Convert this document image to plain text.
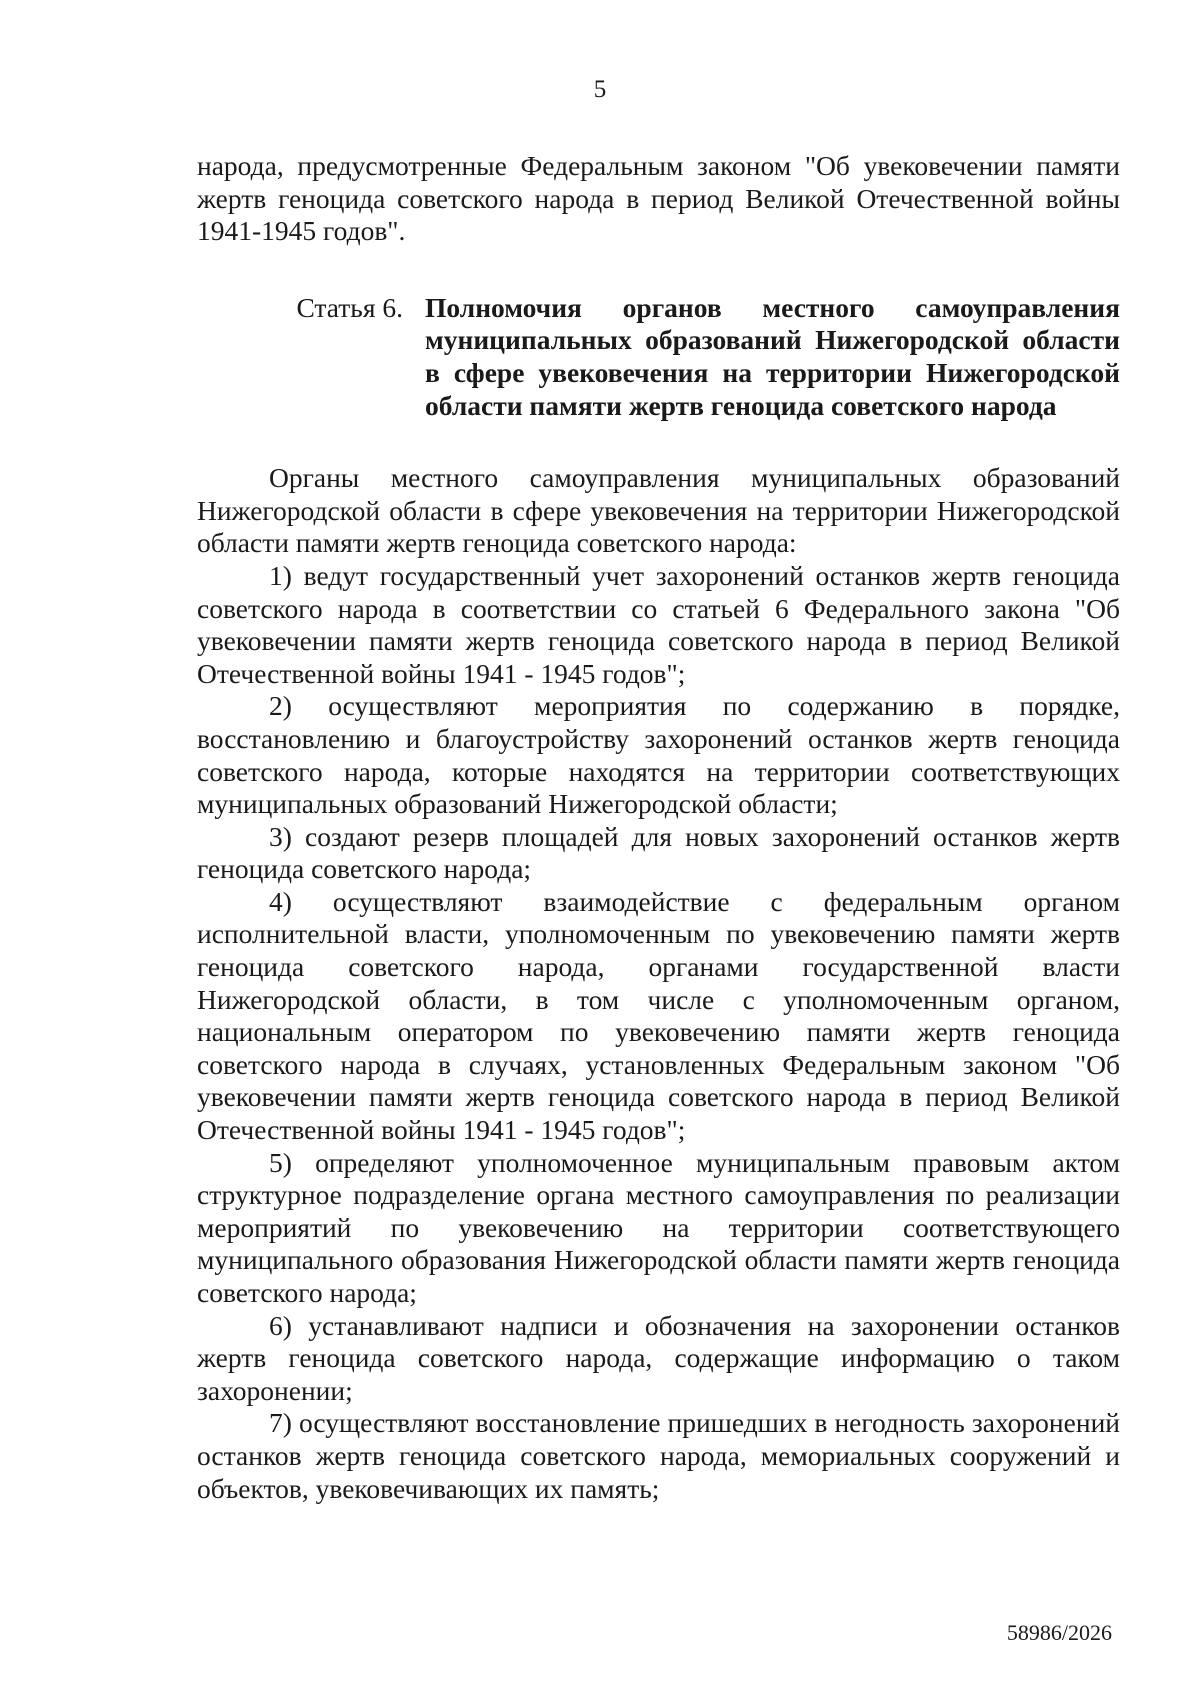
5

народа, предусмотренные Федеральным законом "Об увековечении памяти жертв геноцида советского народа в период Великой Отечественной войны 1941-1945 годов".

Статья 6. Полномочия органов местного самоуправления муниципальных образований Нижегородской области в сфере увековечения на территории Нижегородской области памяти жертв геноцида советского народа

Органы местного самоуправления муниципальных образований Нижегородской области в сфере увековечения на территории Нижегородской области памяти жертв геноцида советского народа:

1) ведут государственный учет захоронений останков жертв геноцида советского народа в соответствии со статьей 6 Федерального закона "Об увековечении памяти жертв геноцида советского народа в период Великой Отечественной войны 1941 - 1945 годов";

2) осуществляют мероприятия по содержанию в порядке, восстановлению и благоустройству захоронений останков жертв геноцида советского народа, которые находятся на территории соответствующих муниципальных образований Нижегородской области;

3) создают резерв площадей для новых захоронений останков жертв геноцида советского народа;

4) осуществляют взаимодействие с федеральным органом исполнительной власти, уполномоченным по увековечению памяти жертв геноцида советского народа, органами государственной власти Нижегородской области, в том числе с уполномоченным органом, национальным оператором по увековечению памяти жертв геноцида советского народа в случаях, установленных Федеральным законом "Об увековечении памяти жертв геноцида советского народа в период Великой Отечественной войны 1941 - 1945 годов";

5) определяют уполномоченное муниципальным правовым актом структурное подразделение органа местного самоуправления по реализации мероприятий по увековечению на территории соответствующего муниципального образования Нижегородской области памяти жертв геноцида советского народа;

6) устанавливают надписи и обозначения на захоронении останков жертв геноцида советского народа, содержащие информацию о таком захоронении;

7) осуществляют восстановление пришедших в негодность захоронений останков жертв геноцида советского народа, мемориальных сооружений и объектов, увековечивающих их память;

58986/2026
